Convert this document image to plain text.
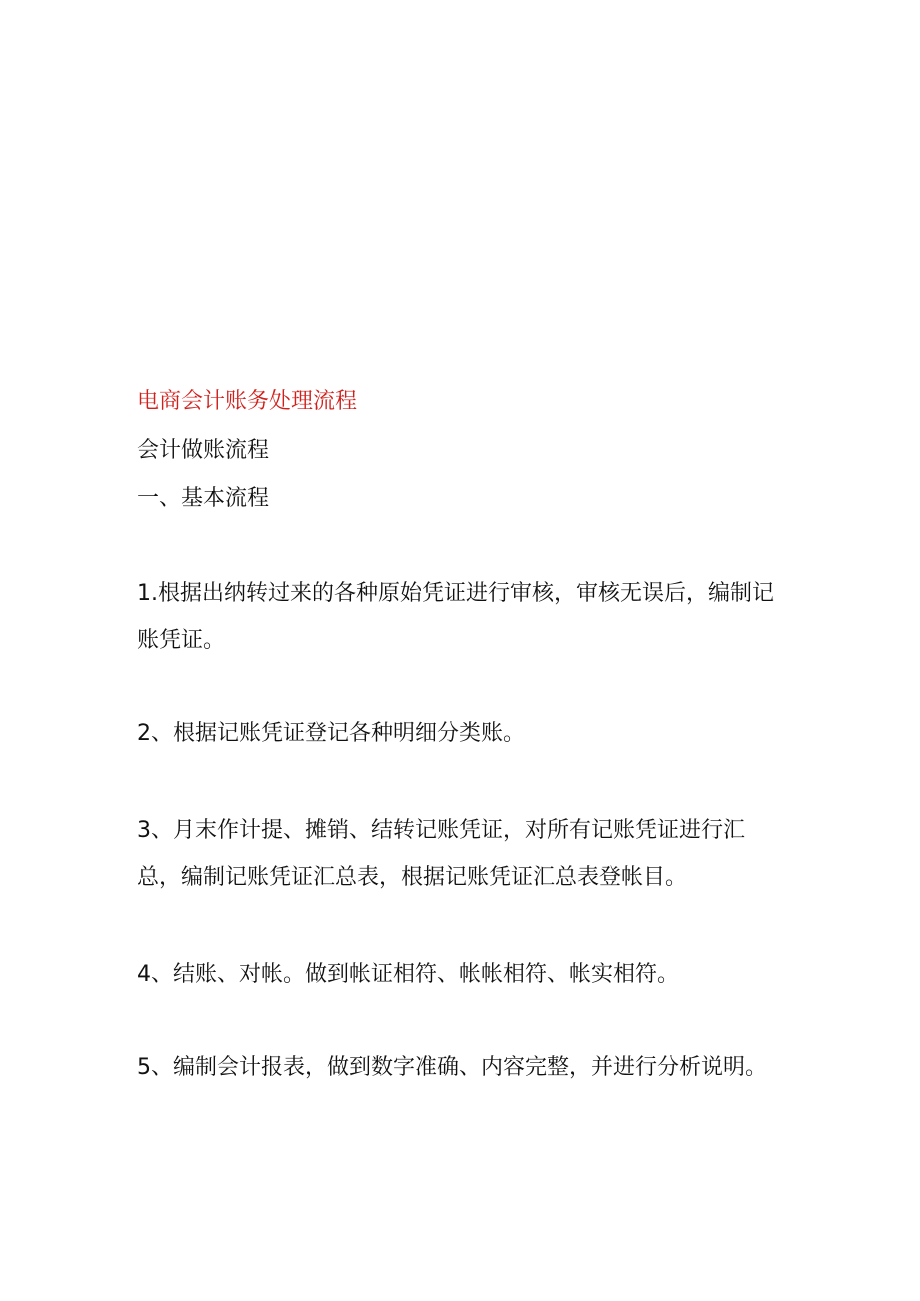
电商会计账务处理流程

会计做账流程

一、基本流程

1.根据出纳转过来的各种原始凭证进行审核，审核无误后，编制记账凭证。

2、根据记账凭证登记各种明细分类账。

3、月末作计提、摊销、结转记账凭证，对所有记账凭证进行汇总，编制记账凭证汇总表，根据记账凭证汇总表登帐目。

4、结账、对帐。做到帐证相符、帐帐相符、帐实相符。

5、编制会计报表，做到数字准确、内容完整，并进行分析说明。
